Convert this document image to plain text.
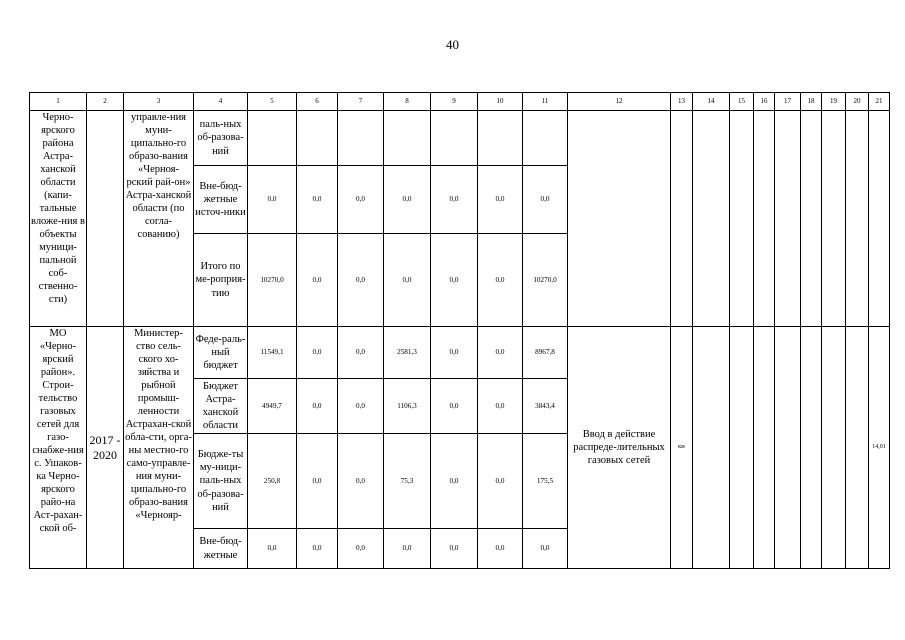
40
1	2	3	4	5	6	7	8	9	10	11	12	13	14	15	16	17	18	19	20	21
Черно-ярского района Астра-ханской области (капи-тальные вложе-ния в объекты муници-пальной соб-ственно-сти)		управле-ния муни-ципально-го образо-вания «Черноя-рский рай-он» Астра-ханской области (по согла-сованию)	паль-ных об-разова-ний																	
			Вне-бюд-жетные источ-ники	0,0	0,0	0,0	0,0	0,0	0,0	0,0										
			Итого по ме-роприя-тию	10270,0	0,0	0,0	0,0	0,0	0,0	10270,0										
МО «Черно-ярский район». Строи-тельство газовых сетей для газо-снабже-ния с. Ушаков-ка Черно-ярского райо-на Аст-рахан-ской об-	2017 - 2020	Министер-ство сель-ского хо-зяйства и рыбной промыш-ленности Астрахан-ской обла-сти, орга-ны местно-го само-управле-ния муни-ципально-го образо-вания «Чернояр-	Феде-раль-ный бюджет	11549,1	0,0	0,0	2581,3	0,0	0,0	8967,8	Ввод в действие распреде-лительных газовых сетей	км								14,01
			Бюджет Астра-ханской области	4949,7	0,0	0,0	1106,3	0,0	0,0	3843,4										
			Бюдже-ты му-ници-паль-ных об-разова-ний	250,8	0,0	0,0	75,3	0,0	0,0	175,5										
			Вне-бюд-жетные	0,0	0,0	0,0	0,0	0,0	0,0	0,0										
